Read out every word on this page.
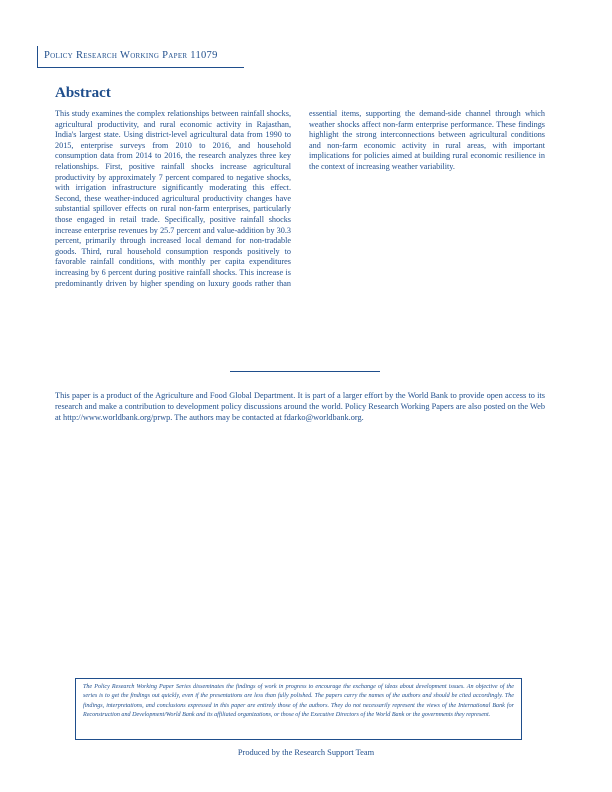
Policy Research Working Paper 11079
Abstract

This study examines the complex relationships between rainfall shocks, agricultural productivity, and rural economic activity in Rajasthan, India's largest state. Using district-level agricultural data from 1990 to 2015, enterprise surveys from 2010 to 2016, and household consumption data from 2014 to 2016, the research analyzes three key relationships. First, positive rainfall shocks increase agricultural productivity by approximately 7 percent compared to negative shocks, with irrigation infrastructure significantly moderating this effect. Second, these weather-induced agricultural productivity changes have substantial spillover effects on rural non-farm enterprises, particularly those engaged in retail trade. Specifically, positive rainfall shocks increase enterprise revenues by 25.7 percent and value-addition by 30.3 percent, primarily through increased local demand for non-tradable goods. Third, rural household consumption responds positively to favorable rainfall conditions, with monthly per capita expenditures increasing by 6 percent during positive rainfall shocks. This increase is predominantly driven by higher spending on luxury goods rather than essential items, supporting the demand-side channel through which weather shocks affect non-farm enterprise performance. These findings highlight the strong interconnections between agricultural conditions and non-farm economic activity in rural areas, with important implications for policies aimed at building rural economic resilience in the context of increasing weather variability.

This paper is a product of the Agriculture and Food Global Department. It is part of a larger effort by the World Bank to provide open access to its research and make a contribution to development policy discussions around the world. Policy Research Working Papers are also posted on the Web at http://www.worldbank.org/prwp. The authors may be contacted at fdarko@worldbank.org.
The Policy Research Working Paper Series disseminates the findings of work in progress to encourage the exchange of ideas about development issues. An objective of the series is to get the findings out quickly, even if the presentations are less than fully polished. The papers carry the names of the authors and should be cited accordingly. The findings, interpretations, and conclusions expressed in this paper are entirely those of the authors. They do not necessarily represent the views of the International Bank for Reconstruction and Development/World Bank and its affiliated organizations, or those of the Executive Directors of the World Bank or the governments they represent.
Produced by the Research Support Team
